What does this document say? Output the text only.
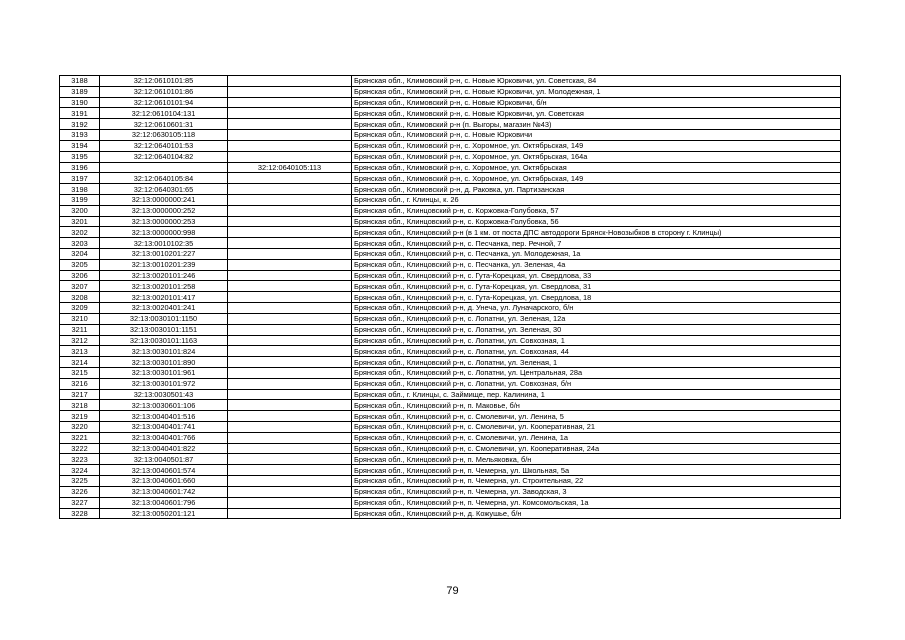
3188	32:12:0610101:85		Брянская обл., Климовский р-н, с. Новые Юрковичи, ул. Советская, 84
3189	32:12:0610101:86		Брянская обл., Климовский р-н, с. Новые Юрковичи, ул. Молодежная, 1
3190	32:12:0610101:94		Брянская обл., Климовский р-н, с. Новые Юрковичи, б/н
3191	32:12:0610104:131		Брянская обл., Климовский р-н, с. Новые Юрковичи, ул. Советская
3192	32:12:0610601:31		Брянская обл., Климовский р-н (п. Выгоры, магазин №43)
3193	32:12:0630105:118		Брянская обл., Климовский р-н, с. Новые Юрковичи
3194	32:12:0640101:53		Брянская обл., Климовский р-н, с. Хоромное, ул. Октябрьская, 149
3195	32:12:0640104:82		Брянская обл., Климовский р-н, с. Хоромное, ул. Октябрьская, 164а
3196		32:12:0640105:113	Брянская обл., Климовский р-н, с. Хоромное, ул. Октябрьская
3197	32:12:0640105:84		Брянская обл., Климовский р-н, с. Хоромное, ул. Октябрьская, 149
3198	32:12:0640301:65		Брянская обл., Климовский р-н, д. Раковка, ул. Партизанская
3199	32:13:0000000:241		Брянская обл., г. Клинцы, к. 26
3200	32:13:0000000:252		Брянская обл., Клинцовский р-н, с. Коржовка-Голубовка, 57
3201	32:13:0000000:253		Брянская обл., Клинцовский р-н, с. Коржовка-Голубовка, 56
3202	32:13:0000000:998		Брянская обл., Клинцовский р-н (в 1 км. от поста ДПС автодороги Брянск-Новозыбков в сторону г. Клинцы)
3203	32:13:0010102:35		Брянская обл., Клинцовский р-н, с. Песчанка, пер. Речной, 7
3204	32:13:0010201:227		Брянская обл., Клинцовский р-н, с. Песчанка, ул. Молодежная, 1а
3205	32:13:0010201:239		Брянская обл., Клинцовский р-н, с. Песчанка, ул. Зеленая, 4а
3206	32:13:0020101:246		Брянская обл., Клинцовский р-н, с. Гута-Корецкая, ул. Свердлова, 33
3207	32:13:0020101:258		Брянская обл., Клинцовский р-н, с. Гута-Корецкая, ул. Свердлова, 31
3208	32:13:0020101:417		Брянская обл., Клинцовский р-н, с. Гута-Корецкая, ул. Свердлова, 18
3209	32:13:0020401:241		Брянская обл., Клинцовский р-н, д. Унеча, ул. Луначарского, б/н
3210	32:13:0030101:1150		Брянская обл., Клинцовский р-н, с. Лопатни, ул. Зеленая, 12а
3211	32:13:0030101:1151		Брянская обл., Клинцовский р-н, с. Лопатни, ул. Зеленая, 30
3212	32:13:0030101:1163		Брянская обл., Клинцовский р-н, с. Лопатни, ул. Совхозная, 1
3213	32:13:0030101:824		Брянская обл., Клинцовский р-н, с. Лопатни, ул. Совхозная, 44
3214	32:13:0030101:890		Брянская обл., Клинцовский р-н, с. Лопатни, ул. Зеленая, 1
3215	32:13:0030101:961		Брянская обл., Клинцовский р-н, с. Лопатни, ул. Центральная, 28а
3216	32:13:0030101:972		Брянская обл., Клинцовский р-н, с. Лопатни, ул. Совхозная, б/н
3217	32:13:0030501:43		Брянская обл., г. Клинцы, с. Займище, пер. Калинина, 1
3218	32:13:0030601:106		Брянская обл., Клинцовский р-н, п. Маковье, б/н
3219	32:13:0040401:516		Брянская обл., Клинцовский р-н, с. Смолевичи, ул. Ленина, 5
3220	32:13:0040401:741		Брянская обл., Клинцовский р-н, с. Смолевичи, ул. Кооперативная, 21
3221	32:13:0040401:766		Брянская обл., Клинцовский р-н, с. Смолевичи, ул. Ленина, 1а
3222	32:13:0040401:822		Брянская обл., Клинцовский р-н, с. Смолевичи, ул. Кооперативная, 24а
3223	32:13:0040501:87		Брянская обл., Клинцовский р-н, п. Мельяковка, б/н
3224	32:13:0040601:574		Брянская обл., Клинцовский р-н, п. Чемерна, ул. Школьная, 5а
3225	32:13:0040601:660		Брянская обл., Клинцовский р-н, п. Чемерна, ул. Строительная, 22
3226	32:13:0040601:742		Брянская обл., Клинцовский р-н, п. Чемерна, ул. Заводская, 3
3227	32:13:0040601:796		Брянская обл., Клинцовский р-н, п. Чемерна, ул. Комсомольская, 1а
3228	32:13:0050201:121		Брянская обл., Клинцовский р-н, д. Кожушье, б/н
79
